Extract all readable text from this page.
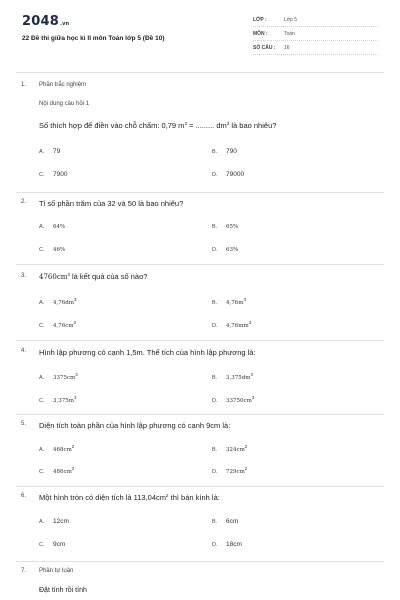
2048.vn
22 Đề thi giữa học kì II môn Toán lớp 5 (Đề 10)
LỚP :	Lớp 5
MÔN :	Toán
SỐ CÂU : 16
1. Phần trắc nghiệm
Nội dung câu hỏi 1
Số thích hợp để điền vào chỗ chấm: 0,79 $m^3$ = ......... $dm^3$ là bao nhiêu?
A. 79	B. 790
C. 7900	D. 79000
2. Tỉ số phần trăm của 32 và 50 là bao nhiêu?
A. 64%	B. 65%
C. 46%	D. 63%
3. $4760cm^3$ là kết quả của số nào?
A. $4,76dm^3$
B. $4,76m^3$
C. $4,76cm^3$
D. $4,76mm^3$
4. Hình lập phương có cạnh 1,5m. Thể tích của hình lập phương là:
A. $3375cm^3$
B. $3,375dm^3$
C. $3,375m^3$
D. $33750cm^3$
5. Diện tích toàn phần của hình lập phương có cạnh 9cm là:
A. $468cm^2$
B. $324cm^2$
C. $486cm^2$
D. $729cm^2$
6. Một hình tròn có diện tích là $113,04cm^2$ thì bán kính là:
A. 12cm	B. 6cm
C. 9cm	D. 18cm
7. Phần tự luận
Đặt tính rồi tính
